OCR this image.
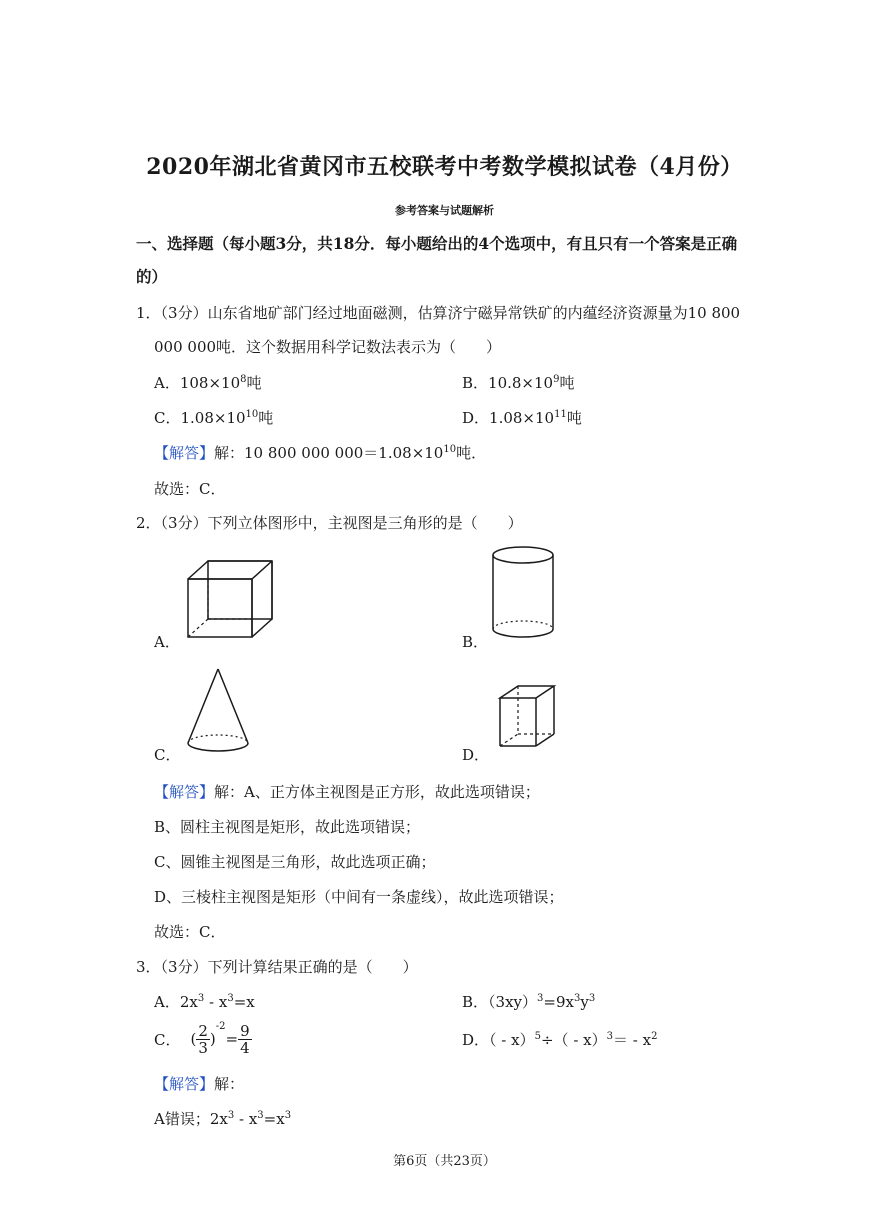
2020年湖北省黄冈市五校联考中考数学模拟试卷（4月份）
参考答案与试题解析
一、选择题（每小题3分，共18分．每小题给出的4个选项中，有且只有一个答案是正确
的）
1．（3分）山东省地矿部门经过地面磁测，估算济宁磁异常铁矿的内蕴经济资源量为10 800
000 000吨．这个数据用科学记数法表示为（　　）
A．$108\times 10^8$吨	B．$10.8\times 10^9$吨
C．$1.08\times 10^{10}$吨	D．$1.08\times 10^{11}$吨
【解答】解：10 800 000 $000=1.08\times 10^{10}$吨．
故选：C．
2．（3分）下列立体图形中，主视图是三角形的是（　　）
A．	B．
C．	D．
【解答】解：A、正方体主视图是正方形，故此选项错误；
B、圆柱主视图是矩形，故此选项错误；
C、圆锥主视图是三角形，故此选项正确；
D、三棱柱主视图是矩形（中间有一条虚线），故此选项错误；
故选：C．
3．（3分）下列计算结果正确的是（　　）
A．$2x^3 - x^3=x$	B．$(3xy)^3=9x^3y^3$
C． ( $\frac{2}{3}$ )
-2
= $\frac{9}{4}$	D．（ - $x)^5\div( - x)^3= - x^2$
【解答】解：
A错误；$2x^3 - x^3=x^3$
第6页（共23页）
